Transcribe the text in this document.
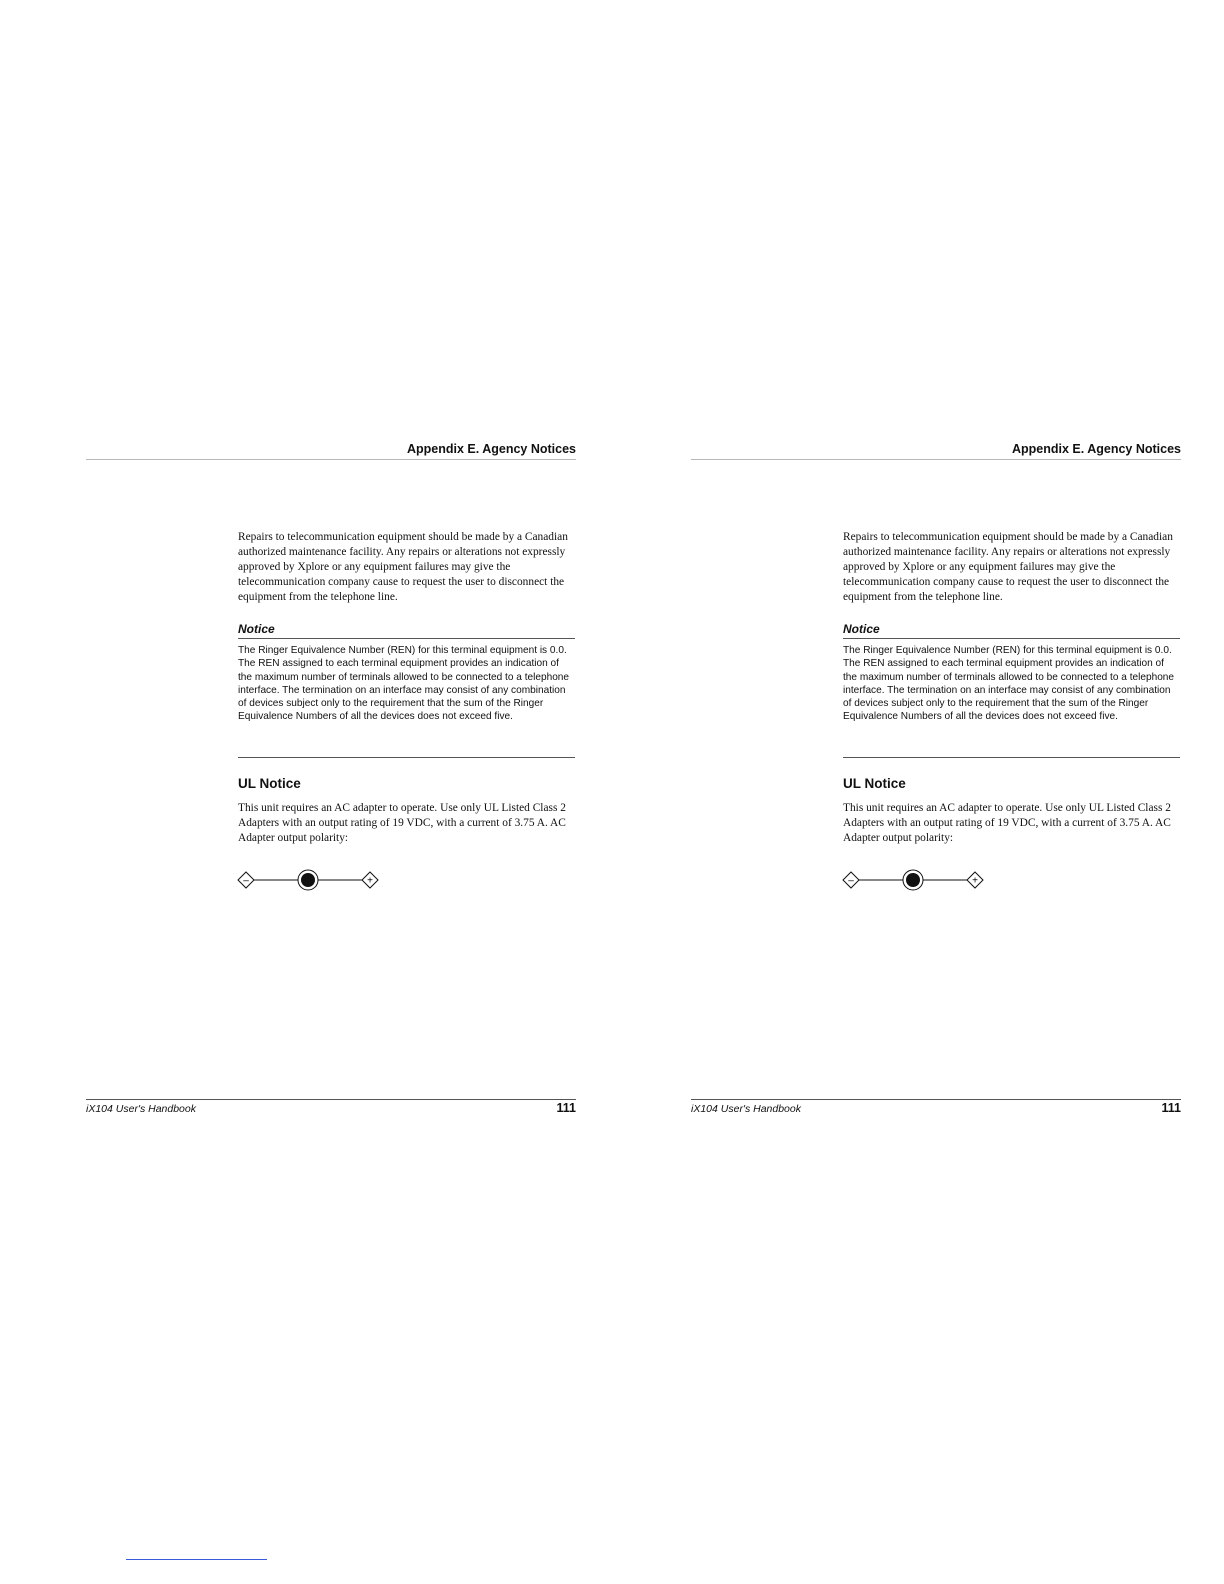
Appendix E. Agency Notices
Repairs to telecommunication equipment should be made by a Canadian authorized maintenance facility. Any repairs or alterations not expressly approved by Xplore or any equipment failures may give the telecommunication company cause to request the user to disconnect the equipment from the telephone line.
Notice
The Ringer Equivalence Number (REN) for this terminal equipment is 0.0. The REN assigned to each terminal equipment provides an indication of the maximum number of terminals allowed to be connected to a telephone interface. The termination on an interface may consist of any combination of devices subject only to the requirement that the sum of the Ringer Equivalence Numbers of all the devices does not exceed five.
UL Notice
This unit requires an AC adapter to operate. Use only UL Listed Class 2 Adapters with an output rating of 19 VDC, with a current of 3.75 A. AC Adapter output polarity:
–	+
iX104 User's Handbook	111
Appendix E. Agency Notices
Repairs to telecommunication equipment should be made by a Canadian authorized maintenance facility. Any repairs or alterations not expressly approved by Xplore or any equipment failures may give the telecommunication company cause to request the user to disconnect the equipment from the telephone line.
Notice
The Ringer Equivalence Number (REN) for this terminal equipment is 0.0. The REN assigned to each terminal equipment provides an indication of the maximum number of terminals allowed to be connected to a telephone interface. The termination on an interface may consist of any combination of devices subject only to the requirement that the sum of the Ringer Equivalence Numbers of all the devices does not exceed five.
UL Notice
This unit requires an AC adapter to operate. Use only UL Listed Class 2 Adapters with an output rating of 19 VDC, with a current of 3.75 A. AC Adapter output polarity:
–	+
iX104 User's Handbook	111
